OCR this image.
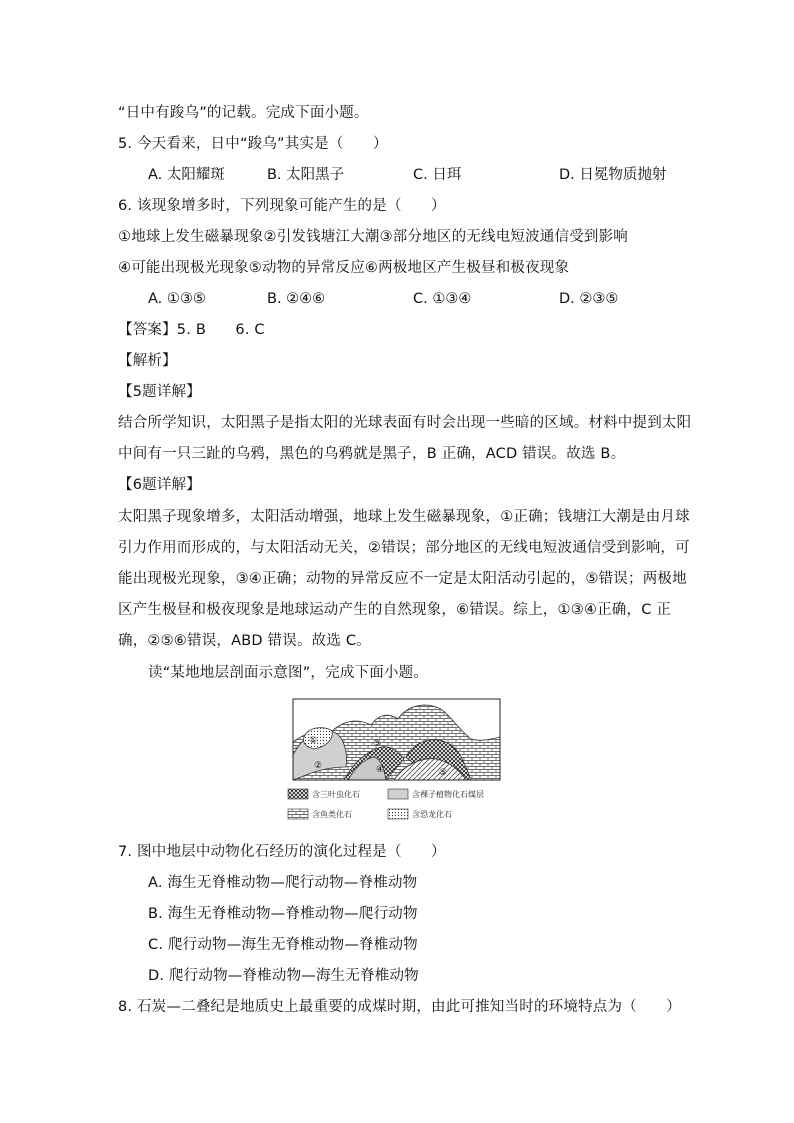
“日中有踆乌”的记载。完成下面小题。
5. 今天看来，日中“踆乌”其实是（　　）
A. 太阳耀斑	B. 太阳黑子	C. 日珥	D. 日冕物质抛射
6. 该现象增多时，下列现象可能产生的是（　　）
①地球上发生磁暴现象②引发钱塘江大潮③部分地区的无线电短波通信受到影响
④可能出现极光现象⑤动物的异常反应⑥两极地区产生极昼和极夜现象
A. ①③⑤	B. ②④⑥	C. ①③④	D. ②③⑤
【答案】5. B　　6. C
【解析】
【5题详解】
结合所学知识，太阳黑子是指太阳的光球表面有时会出现一些暗的区域。材料中提到太阳
中间有一只三趾的乌鸦，黑色的乌鸦就是黑子，B 正确，ACD 错误。故选 B。
【6题详解】
太阳黑子现象增多，太阳活动增强，地球上发生磁暴现象，①正确；钱塘江大潮是由月球
引力作用而形成的，与太阳活动无关，②错误；部分地区的无线电短波通信受到影响，可
能出现极光现象，③④正确；动物的异常反应不一定是太阳活动引起的，⑤错误；两极地
区产生极昼和极夜现象是地球运动产生的自然现象，⑥错误。综上，①③④正确，C 正
确，②⑤⑥错误，ABD 错误。故选 C。
读“某地地层剖面示意图”，完成下面小题。
①
②
③
④	⑤
含三叶虫化石	含裸子植物化石煤层
含鱼类化石	含恐龙化石
7. 图中地层中动物化石经历的演化过程是（　　）
A. 海生无脊椎动物—爬行动物—脊椎动物
B. 海生无脊椎动物—脊椎动物—爬行动物
C. 爬行动物—海生无脊椎动物—脊椎动物
D. 爬行动物—脊椎动物—海生无脊椎动物
8. 石炭—二叠纪是地质史上最重要的成煤时期，由此可推知当时的环境特点为（　　）
